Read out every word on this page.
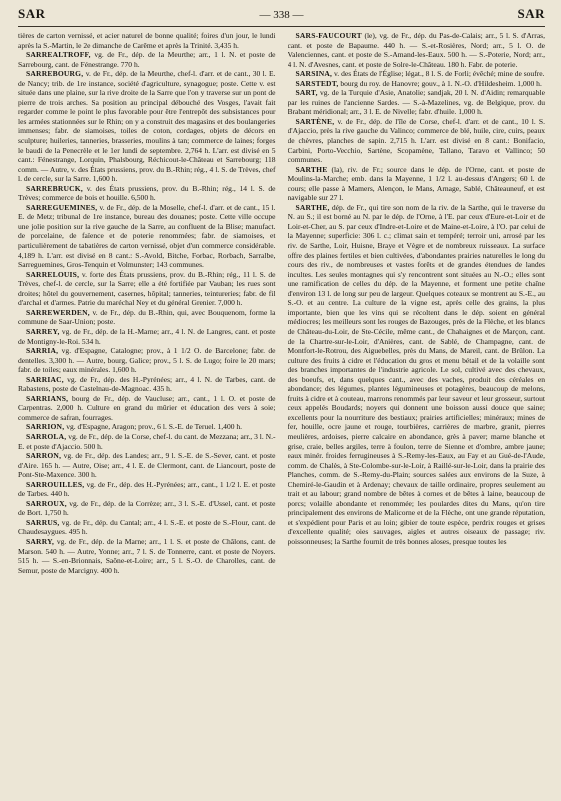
SAR	— 338 —	SAR

tières de carton vernissé, et acier naturel de bonne qualité; foires d'un jour, le lundi après la S.-Martin, le 2e dimanche de Carême et après la Trinité. 3,435 h.

SARREALTROFF, vg. de Fr., dép. de la Meurthe; arr., 1 l. N. et poste de Sarrebourg, cant. de Fénestrange. 770 h.

SARREBOURG, v. de Fr., dép. de la Meurthe, chef-l. d'arr. et de cant., 30 l. E. de Nancy; trib. de 1re instance, société d'agriculture, synagogue; poste. Cette v. est située dans une plaine, sur la rive droite de la Sarre que l'on y traverse sur un pont de pierre de trois arches. Sa position au principal débouché des Vosges, l'avait fait regarder comme le point le plus favorable pour être l'entrepôt des subsistances pour les armées stationnées sur le Rhin; on y a construit des magasins et des boulangeries immenses; fabr. de siamoises, toiles de coton, cordages, objets de décors en sculpture; huileries, tanneries, brasseries, moulins à tan; commerce de laines; forges le baudi de la Penecrèle et le 1er lundi de septembre. 2,764 h. L'arr. est divisé en 5 cant.: Fénestrange, Lorquin, Phalsbourg, Réchicout-le-Château et Sarrebourg; 118 comm. — Autre, v. des États prussiens, prov. du B.-Rhin; rég., 4 l. S. de Trèves, chef l. de cercle, sur la Sarre. 1,600 h.

SARREBRUCK, v. des États prussiens, prov. du B.-Rhin; rég., 14 l. S. de Trèves; commerce de bois et houille. 6,500 h.

SARREGUEMINES, v. de Fr., dép. de la Moselle, chef-l. d'arr. et de cant., 15 l. E. de Metz; tribunal de 1re instance, bureau des douanes; poste. Cette ville occupe une jolie position sur la rive gauche de la Sarre, au confluent de la Blise; manufact. de porcelaine, de faïence et de poterie renommées; fabr. de siamoises, et particulièrement de tabatières de carton vernissé, objet d'un commerce considérable. 4,189 h. L'arr. est divisé en 8 cant.: S.-Avold, Bitche, Forbac, Rorbach, Sarralbe, Sarreguemines, Gros-Tenquin et Volmunster; 143 communes.

SARRELOUIS, v. forte des États prussiens, prov. du B.-Rhin; rég., 11 l. S. de Trèves, chef-l. de cercle, sur la Sarre; elle a été fortifiée par Vauban; les rues sont droites; hôtel du gouvernement, casernes, hôpital; tanneries, teintureries; fabr. de fil d'archal et d'armes. Patrie du maréchal Ney et du général Grenier. 7,000 h.

SARREWERDEN, v. de Fr., dép. du B.-Rhin, qui, avec Bouquenom, forme la commune de Saar-Union; poste.

SARREY, vg. de Fr., dép. de la H.-Marne; arr., 4 l. N. de Langres, cant. et poste de Montigny-le-Roi. 534 h.

SARRIA, vg. d'Espagne, Catalogne; prov., à 1 1/2 O. de Barcelone; fabr. de dentelles. 3,300 h. — Autre, bourg, Galice; prov., 5 l. S. de Lugo; foire le 20 mars; fabr. de toiles; eaux minérales. 1,600 h.

SARRIAC, vg. de Fr., dép. des H.-Pyrénées; arr., 4 l. N. de Tarbes, cant. de Rabastens, poste de Castelnau-de-Magnoac. 435 h.

SARRIANS, bourg de Fr., dép. de Vaucluse; arr., cant., 1 l. O. et poste de Carpentras. 2,000 h. Culture en grand du mûrier et éducation des vers à soie; commerce de safran, fourrages.

SARRION, vg. d'Espagne, Aragon; prov., 6 l. S.-E. de Teruel. 1,400 h.

SARROLA, vg. de Fr., dép. de la Corse, chef-l. du cant. de Mezzana; arr., 3 l. N.-E. et poste d'Ajaccio. 500 h.

SARRON, vg. de Fr., dép. des Landes; arr., 9 l. S.-E. de S.-Sever, cant. et poste d'Aire. 165 h. — Autre, Oise; arr., 4 l. E. de Clermont, cant. de Liancourt, poste de Pont-Ste-Maxence. 300 h.

SARROUILLES, vg. de Fr., dép. des H.-Pyrénées; arr., cant., 1 1/2 l. E. et poste de Tarbes. 440 h.

SARROUX, vg. de Fr., dép. de la Corrèze; arr., 3 l. S.-E. d'Ussel, cant. et poste de Bort. 1,750 h.

SARRUS, vg. de Fr., dép. du Cantal; arr., 4 l. S.-E. et poste de S.-Flour, cant. de Chaudesaygues. 495 h.

SARRY, vg. de Fr., dép. de la Marne; arr., 1 l. S. et poste de Châlons, cant. de Marson. 540 h. — Autre, Yonne; arr., 7 l. S. de Tonnerre, cant. et poste de Noyers. 515 h. — S.-en-Brionnais, Saône-et-Loire; arr., 5 l. S.-O. de Charolles, cant. de Semur, poste de Marcigny. 400 h.

SARS-FAUCOURT (le), vg. de Fr., dép. du Pas-de-Calais; arr., 5 l. S. d'Arras, cant. et poste de Bapaume. 440 h. — S.-et-Rosières, Nord; arr., 5 l. O. de Valenciennes, cant. et poste de S.-Amand-les-Eaux. 500 h. — S.-Poterie, Nord; arr., 4 l. N. d'Avesnes, cant. et poste de Solre-le-Château. 180 h. Fabr. de poterie.

SARSINA, v. des États de l'Église; légat., 8 l. S. de Forli; évêché; mine de soufre.

SARSTEDT, bourg du roy. de Hanovre; gouv., à 1. N.-O. d'Hildesheim. 1,000 h.

SART, vg. de la Turquie d'Asie, Anatolie; sandjak, 20 l. N. d'Aidin; remarquable par les ruines de l'ancienne Sardes. — S.-à-Mazelines, vg. de Belgique, prov. du Brabant méridional; arr., 3 l. E. de Nivelle; fabr. d'huile. 1,000 h.

SARTÈNE, v. de Fr., dép. de l'île de Corse, chef-l. d'arr. et de cant., 10 l. S. d'Ajaccio, près la rive gauche du Valinco; commerce de blé, huile, cire, cuirs, peaux de chèvres, planches de sapin. 2,715 h. L'arr. est divisé en 8 cant.: Bonifacio, Carbini, Porto-Vecchio, Sartène, Scopamène, Tallano, Taravo et Vallinco; 50 communes.

SARTHE (la), riv. de Fr.; source dans le dép. de l'Orne, cant. et poste de Moulins-la-Marche; emb. dans la Mayenne, 1 1/2 l. au-dessus d'Angers; 60 l. de cours; elle passe à Mamers, Alençon, le Mans, Arnage, Sablé, Châteauneuf, et est navigable sur 27 l.

SARTHE, dép. de Fr., qui tire son nom de la riv. de la Sarthe, qui le traverse du N. au S.; il est borné au N. par le dép. de l'Orne, à l'E. par ceux d'Eure-et-Loir et de Loir-et-Cher, au S. par ceux d'Indre-et-Loire et de Maine-et-Loire, à l'O. par celui de la Mayenne; superficie: 306 l. c.; climat sain et tempéré; terroir uni, arrosé par les riv. de Sarthe, Loir, Huisne, Braye et Vègre et de nombreux ruisseaux. La surface offre des plaines fertiles et bien cultivées, d'abondantes prairies naturelles le long du cours des riv., de nombreuses et vastes forêts et de grandes étendues de landes incultes. Les seules montagnes qui s'y rencontrent sont situées au N.-O.; elles sont une ramification de celles du dép. de la Mayenne, et forment une petite chaîne d'environ 13 l. de long sur peu de largeur. Quelques coteaux se montrent au S.-E., au S.-O. et au centre. La culture de la vigne est, après celle des grains, la plus importante, bien que les vins qui se récoltent dans le dép. soient en général médiocres; les meilleurs sont les rouges de Bazouges, près de la Flèche, et les blancs de Château-du-Loir, de Ste-Cécile, même cant., de Chahaignes et de Marçon, cant. de la Chartre-sur-le-Loir, d'Anières, cant. de Sablé, de Champagne, cant. de Montfort-le-Rotrou, des Aiguebelles, près du Mans, de Mareil, cant. de Brûlon. La culture des fruits à cidre et l'éducation du gros et menu bétail et de la volaille sont des branches importantes de l'industrie agricole. Le sol, cultivé avec des chevaux, des boeufs, et, dans quelques cant., avec des vaches, produit des céréales en abondance; des légumes, plantes légumineuses et potagères, beaucoup de melons, fruits à cidre et à couteau, marrons renommés par leur saveur et leur grosseur, surtout ceux appelés Boudards; noyers qui donnent une boisson aussi douce que saine; excellents pour la nourriture des bestiaux; prairies artificielles; minéraux; mines de fer, houille, ocre jaune et rouge, tourbières, carrières de marbre, granit, pierres meulières, ardoises, pierre calcaire en abondance, grès à paver; marne blanche et grise, craie, belles argiles, terre à foulon, terre de Sienne et d'ombre, ambre jaune; eaux minér. froides ferrugineuses à S.-Remy-les-Eaux, au Fay et au Gué-de-l'Aude, comm. de Chalès, à Ste-Colombe-sur-le-Loir, à Raillé-sur-le-Loir, dans la prairie des Planches, comm. de S.-Remy-du-Plain; sources salées aux environs de la Suze, à Chemiré-le-Gaudin et à Ardenay; chevaux de taille ordinaire, propres seulement au trait et au labour; grand nombre de bêtes à cornes et de bêtes à laine, beaucoup de porcs; volaille abondante et renommée; les poulardes dites du Mans, qu'on tire principalement des environs de Malicorne et de la Flèche, ont une grande réputation, et s'expédient pour Paris et au loin; gibier de toute espèce, perdrix rouges et grises d'excellente qualité; oies sauvages, aigles et autres oiseaux de passage; riv. poissonneuses; la Sarthe fournit de très bonnes aloses, presque toutes les
